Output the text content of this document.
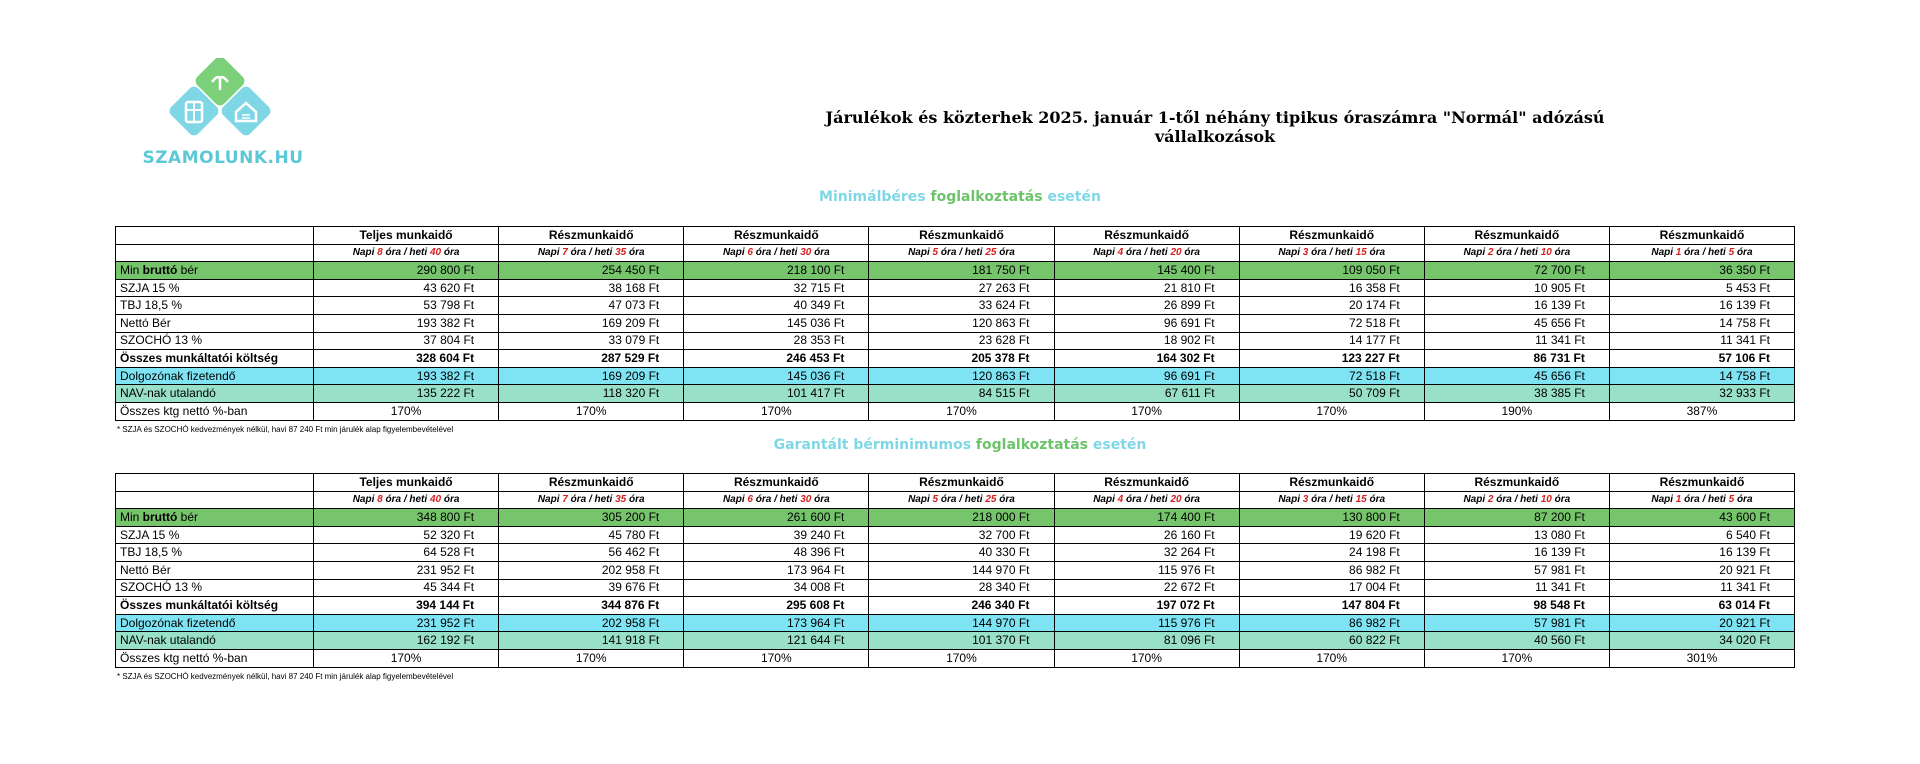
SZAMOLUNK.HU
Járulékok és közterhek 2025. január 1-től néhány tipikus óraszámra "Normál" adózású vállalkozások
Minimálbéres foglalkoztatás esetén
	Teljes munkaidő	Részmunkaidő	Részmunkaidő	Részmunkaidő	Részmunkaidő	Részmunkaidő	Részmunkaidő	Részmunkaidő
	Napi 8 óra / heti 40 óra	Napi 7 óra / heti 35 óra	Napi 6 óra / heti 30 óra	Napi 5 óra / heti 25 óra	Napi 4 óra / heti 20 óra	Napi 3 óra / heti 15 óra	Napi 2 óra / heti 10 óra	Napi 1 óra / heti 5 óra
Min bruttó bér	290 800 Ft	254 450 Ft	218 100 Ft	181 750 Ft	145 400 Ft	109 050 Ft	72 700 Ft	36 350 Ft
SZJA 15 %	43 620 Ft	38 168 Ft	32 715 Ft	27 263 Ft	21 810 Ft	16 358 Ft	10 905 Ft	5 453 Ft
TBJ 18,5 %	53 798 Ft	47 073 Ft	40 349 Ft	33 624 Ft	26 899 Ft	20 174 Ft	16 139 Ft	16 139 Ft
Nettó Bér	193 382 Ft	169 209 Ft	145 036 Ft	120 863 Ft	96 691 Ft	72 518 Ft	45 656 Ft	14 758 Ft
SZOCHÓ 13 %	37 804 Ft	33 079 Ft	28 353 Ft	23 628 Ft	18 902 Ft	14 177 Ft	11 341 Ft	11 341 Ft
Összes munkáltatói költség	328 604 Ft	287 529 Ft	246 453 Ft	205 378 Ft	164 302 Ft	123 227 Ft	86 731 Ft	57 106 Ft
Dolgozónak fizetendő	193 382 Ft	169 209 Ft	145 036 Ft	120 863 Ft	96 691 Ft	72 518 Ft	45 656 Ft	14 758 Ft
NAV-nak utalandó	135 222 Ft	118 320 Ft	101 417 Ft	84 515 Ft	67 611 Ft	50 709 Ft	38 385 Ft	32 933 Ft
Összes ktg nettó %-ban	170%	170%	170%	170%	170%	170%	190%	387%
* SZJA és SZOCHÓ kedvezmények nélkül, havi 87 240 Ft min járulék alap figyelembevételével
Garantált bérminimumos foglalkoztatás esetén
	Teljes munkaidő	Részmunkaidő	Részmunkaidő	Részmunkaidő	Részmunkaidő	Részmunkaidő	Részmunkaidő	Részmunkaidő
	Napi 8 óra / heti 40 óra	Napi 7 óra / heti 35 óra	Napi 6 óra / heti 30 óra	Napi 5 óra / heti 25 óra	Napi 4 óra / heti 20 óra	Napi 3 óra / heti 15 óra	Napi 2 óra / heti 10 óra	Napi 1 óra / heti 5 óra
Min bruttó bér	348 800 Ft	305 200 Ft	261 600 Ft	218 000 Ft	174 400 Ft	130 800 Ft	87 200 Ft	43 600 Ft
SZJA 15 %	52 320 Ft	45 780 Ft	39 240 Ft	32 700 Ft	26 160 Ft	19 620 Ft	13 080 Ft	6 540 Ft
TBJ 18,5 %	64 528 Ft	56 462 Ft	48 396 Ft	40 330 Ft	32 264 Ft	24 198 Ft	16 139 Ft	16 139 Ft
Nettó Bér	231 952 Ft	202 958 Ft	173 964 Ft	144 970 Ft	115 976 Ft	86 982 Ft	57 981 Ft	20 921 Ft
SZOCHÓ 13 %	45 344 Ft	39 676 Ft	34 008 Ft	28 340 Ft	22 672 Ft	17 004 Ft	11 341 Ft	11 341 Ft
Összes munkáltatói költség	394 144 Ft	344 876 Ft	295 608 Ft	246 340 Ft	197 072 Ft	147 804 Ft	98 548 Ft	63 014 Ft
Dolgozónak fizetendő	231 952 Ft	202 958 Ft	173 964 Ft	144 970 Ft	115 976 Ft	86 982 Ft	57 981 Ft	20 921 Ft
NAV-nak utalandó	162 192 Ft	141 918 Ft	121 644 Ft	101 370 Ft	81 096 Ft	60 822 Ft	40 560 Ft	34 020 Ft
Összes ktg nettó %-ban	170%	170%	170%	170%	170%	170%	170%	301%
* SZJA és SZOCHÓ kedvezmények nélkül, havi 87 240 Ft min járulék alap figyelembevételével
